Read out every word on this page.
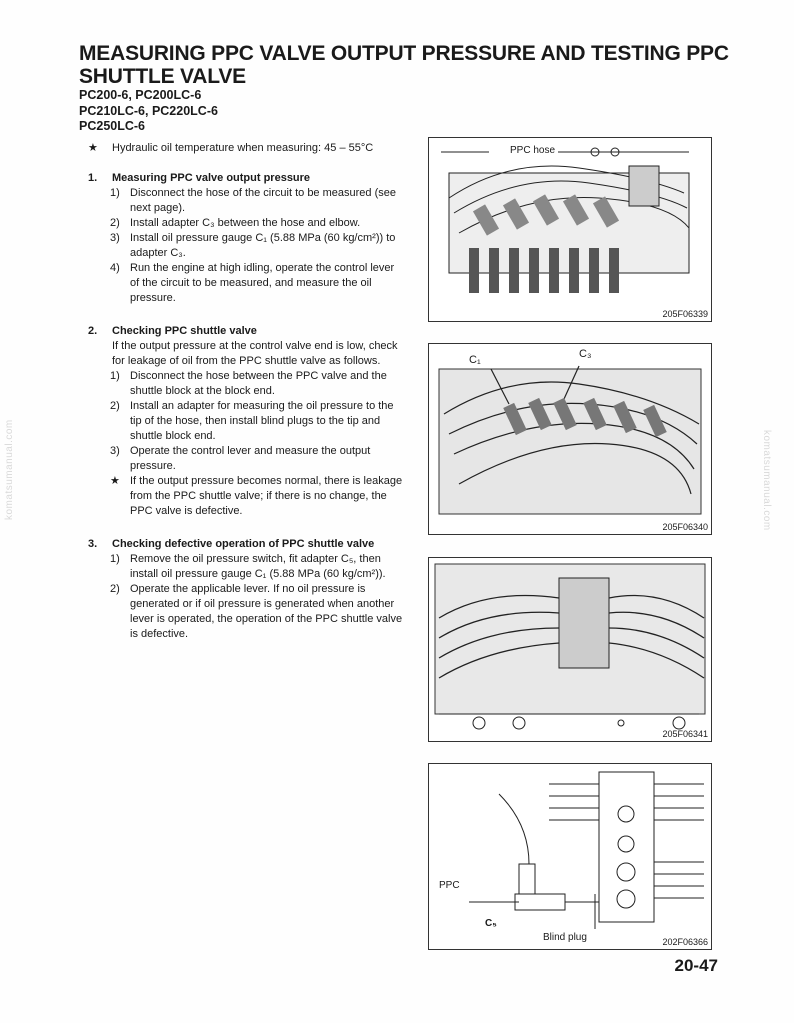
MEASURING PPC VALVE OUTPUT PRESSURE AND TESTING PPC SHUTTLE VALVE
PC200-6, PC200LC-6
PC210LC-6, PC220LC-6
PC250LC-6
★	Hydraulic oil temperature when measuring: 45 – 55°C
1.	Measuring PPC valve output pressure
1) Disconnect the hose of the circuit to be measured (see next page).
2) Install adapter C₃ between the hose and elbow.
3) Install oil pressure gauge C₁ (5.88 MPa (60 kg/cm²)) to adapter C₃.
4) Run the engine at high idling, operate the control lever of the circuit to be measured, and measure the oil pressure.
2.	Checking PPC shuttle valve
If the output pressure at the control valve end is low, check for leakage of oil from the PPC shuttle valve as follows.
1) Disconnect the hose between the PPC valve and the shuttle block at the block end.
2) Install an adapter for measuring the oil pressure to the tip of the hose, then install blind plugs to the tip and shuttle block end.
3) Operate the control lever and measure the output pressure.
★ If the output pressure becomes normal, there is leakage from the PPC shuttle valve; if there is no change, the PPC valve is defective.
3.	Checking defective operation of PPC shuttle valve
1) Remove the oil pressure switch, fit adapter C₅, then install oil pressure gauge C₁ (5.88 MPa (60 kg/cm²)).
2) Operate the applicable lever. If no oil pressure is generated or if oil pressure is generated when another lever is operated, the operation of the PPC shuttle valve is defective.
PPC hose
205F06339
C₁	C₃
205F06340
205F06341
PPC
C₅
Blind plug	202F06366
komatsumanual.com	komatsumanual.com
20-47
